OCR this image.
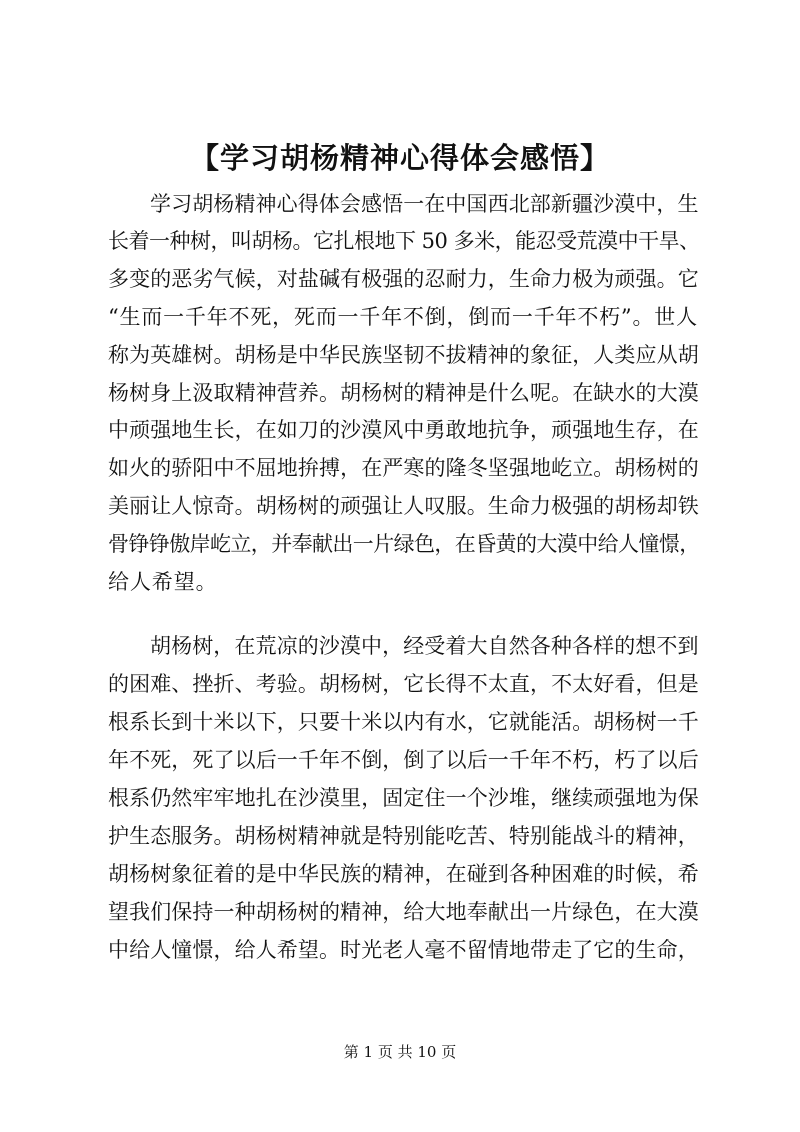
【学习胡杨精神心得体会感悟】
学习胡杨精神心得体会感悟一在中国西北部新疆沙漠中，生
长着一种树，叫胡杨。它扎根地下 50 多米，能忍受荒漠中干旱、
多变的恶劣气候，对盐碱有极强的忍耐力，生命力极为顽强。它
“生而一千年不死，死而一千年不倒，倒而一千年不朽”。世人
称为英雄树。胡杨是中华民族坚韧不拔精神的象征，人类应从胡
杨树身上汲取精神营养。胡杨树的精神是什么呢。在缺水的大漠
中顽强地生长，在如刀的沙漠风中勇敢地抗争，顽强地生存，在
如火的骄阳中不屈地拚搏，在严寒的隆冬坚强地屹立。胡杨树的
美丽让人惊奇。胡杨树的顽强让人叹服。生命力极强的胡杨却铁
骨铮铮傲岸屹立，并奉献出一片绿色，在昏黄的大漠中给人憧憬，
给人希望。
胡杨树，在荒凉的沙漠中，经受着大自然各种各样的想不到
的困难、挫折、考验。胡杨树，它长得不太直，不太好看，但是
根系长到十米以下，只要十米以内有水，它就能活。胡杨树一千
年不死，死了以后一千年不倒，倒了以后一千年不朽，朽了以后
根系仍然牢牢地扎在沙漠里，固定住一个沙堆，继续顽强地为保
护生态服务。胡杨树精神就是特别能吃苦、特别能战斗的精神，
胡杨树象征着的是中华民族的精神，在碰到各种困难的时候，希
望我们保持一种胡杨树的精神，给大地奉献出一片绿色，在大漠
中给人憧憬，给人希望。时光老人毫不留情地带走了它的生命，
第 1 页 共 10 页
